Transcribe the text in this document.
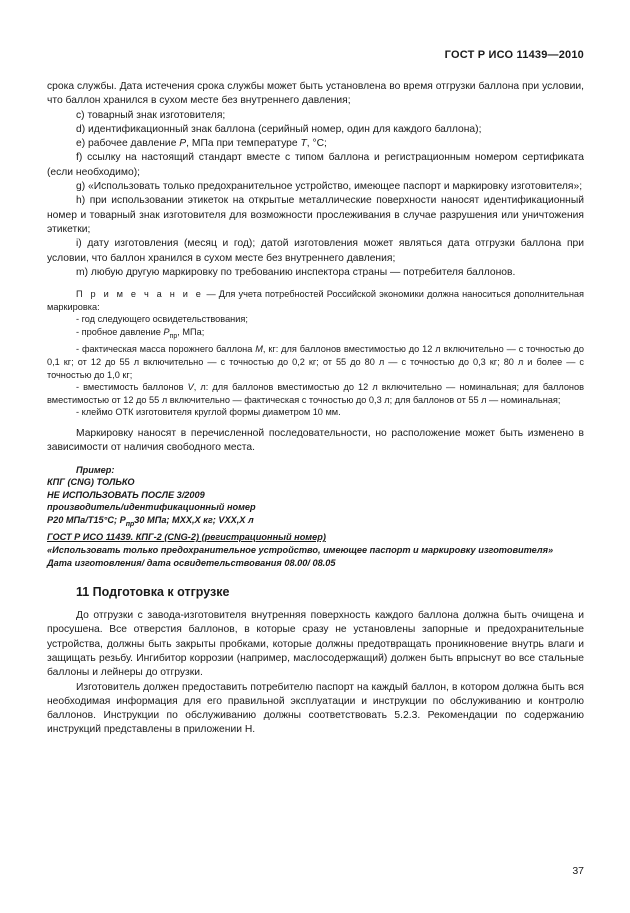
ГОСТ Р ИСО 11439—2010

срока службы. Дата истечения срока службы может быть установлена во время отгрузки баллона при условии, что баллон хранился в сухом месте без внутреннего давления;

c) товарный знак изготовителя;

d) идентификационный знак баллона (серийный номер, один для каждого баллона);

e) рабочее давление P, МПа при температуре T, °С;

f) ссылку на настоящий стандарт вместе с типом баллона и регистрационным номером сертификата (если необходимо);

g) «Использовать только предохранительное устройство, имеющее паспорт и маркировку изготовителя»;

h) при использовании этикеток на открытые металлические поверхности наносят идентификационный номер и товарный знак изготовителя для возможности прослеживания в случае разрушения или уничтожения этикетки;

i) дату изготовления (месяц и год); датой изготовления может являться дата отгрузки баллона при условии, что баллон хранился в сухом месте без внутреннего давления;

m) любую другую маркировку по требованию инспектора страны — потребителя баллонов.

П р и м е ч а н и е — Для учета потребностей Российской экономики должна наноситься дополнительная маркировка:

- год следующего освидетельствования;

- пробное давление $P_{пр}$, МПа;

- фактическая масса порожнего баллона M, кг: для баллонов вместимостью до 12 л включительно — с точностью до 0,1 кг; от 12 до 55 л включительно — с точностью до 0,2 кг; от 55 до 80 л — с точностью до 0,3 кг; 80 л и более — с точностью до 1,0 кг;

- вместимость баллонов V, л: для баллонов вместимостью до 12 л включительно — номинальная; для баллонов вместимостью от 12 до 55 л включительно — фактическая с точностью до 0,3 л; для баллонов от 55 л — номинальная;

- клеймо ОТК изготовителя круглой формы диаметром 10 мм.

Маркировку наносят в перечисленной последовательности, но расположение может быть изменено в зависимости от наличия свободного места.

Пример:

КПГ (CNG) ТОЛЬКО

НЕ ИСПОЛЬЗОВАТЬ ПОСЛЕ 3/2009

производитель/идентификационный номер

P20 МПа/T15°C; $P_{пр}30$ МПа; MXX,X кг; VXX,X л

ГОСТ Р ИСО 11439. КПГ-2 (CNG-2) (регистрационный номер)

«Использовать только предохранительное устройство, имеющее паспорт и маркировку изготовителя»

Дата изготовления/ дата освидетельствования 08.00/ 08.05

11 Подготовка к отгрузке

До отгрузки с завода-изготовителя внутренняя поверхность каждого баллона должна быть очищена и просушена. Все отверстия баллонов, в которые сразу не установлены запорные и предохранительные устройства, должны быть закрыты пробками, которые должны предотвращать проникновение внутрь влаги и защищать резьбу. Ингибитор коррозии (например, маслосодержащий) должен быть впрыснут во все стальные баллоны и лейнеры до отгрузки.

Изготовитель должен предоставить потребителю паспорт на каждый баллон, в котором должна быть вся необходимая информация для его правильной эксплуатации и инструкции по обслуживанию и контролю баллонов. Инструкции по обслуживанию должны соответствовать 5.2.3. Рекомендации по содержанию инструкций представлены в приложении Н.

37
